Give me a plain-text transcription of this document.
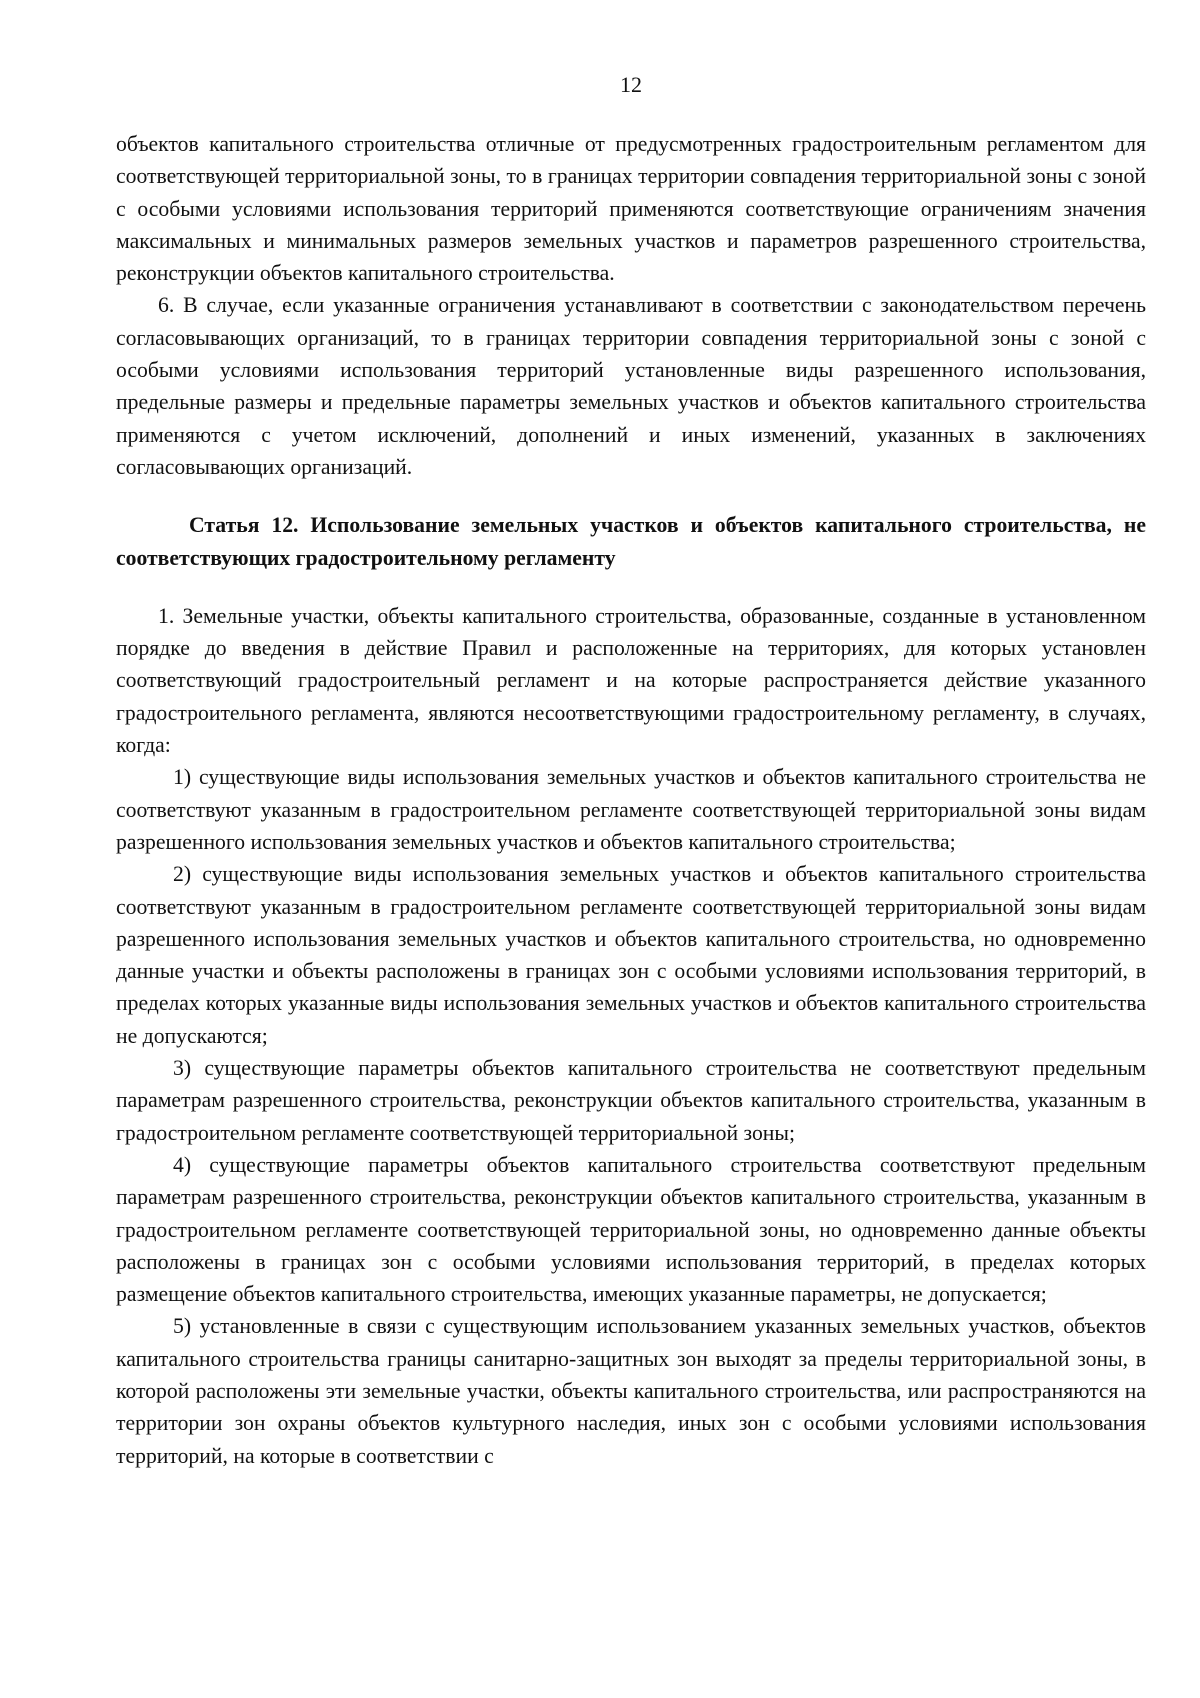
12

объектов капитального строительства отличные от предусмотренных градостроительным регламентом для соответствующей территориальной зоны, то в границах территории совпадения территориальной зоны с зоной с особыми условиями использования территорий применяются соответствующие ограничениям значения максимальных и минимальных размеров земельных участков и параметров разрешенного строительства, реконструкции объектов капитального строительства.

6. В случае, если указанные ограничения устанавливают в соответствии с законодательством перечень согласовывающих организаций, то в границах территории совпадения территориальной зоны с зоной с особыми условиями использования территорий установленные виды разрешенного использования, предельные размеры и предельные параметры земельных участков и объектов капитального строительства применяются с учетом исключений, дополнений и иных изменений, указанных в заключениях согласовывающих организаций.

Статья 12. Использование земельных участков и объектов капитального строительства, не соответствующих градостроительному регламенту

1. Земельные участки, объекты капитального строительства, образованные, созданные в установленном порядке до введения в действие Правил и расположенные на территориях, для которых установлен соответствующий градостроительный регламент и на которые распространяется действие указанного градостроительного регламента, являются несоответствующими градостроительному регламенту, в случаях, когда:

1) существующие виды использования земельных участков и объектов капитального строительства не соответствуют указанным в градостроительном регламенте соответствующей территориальной зоны видам разрешенного использования земельных участков и объектов капитального строительства;

2) существующие виды использования земельных участков и объектов капитального строительства соответствуют указанным в градостроительном регламенте соответствующей территориальной зоны видам разрешенного использования земельных участков и объектов капитального строительства, но одновременно данные участки и объекты расположены в границах зон с особыми условиями использования территорий, в пределах которых указанные виды использования земельных участков и объектов капитального строительства не допускаются;

3) существующие параметры объектов капитального строительства не соответствуют предельным параметрам разрешенного строительства, реконструкции объектов капитального строительства, указанным в градостроительном регламенте соответствующей территориальной зоны;

4) существующие параметры объектов капитального строительства соответствуют предельным параметрам разрешенного строительства, реконструкции объектов капитального строительства, указанным в градостроительном регламенте соответствующей территориальной зоны, но одновременно данные объекты расположены в границах зон с особыми условиями использования территорий, в пределах которых размещение объектов капитального строительства, имеющих указанные параметры, не допускается;

5) установленные в связи с существующим использованием указанных земельных участков, объектов капитального строительства границы санитарно-защитных зон выходят за пределы территориальной зоны, в которой расположены эти земельные участки, объекты капитального строительства, или распространяются на территории зон охраны объектов культурного наследия, иных зон с особыми условиями использования территорий, на которые в соответствии с
